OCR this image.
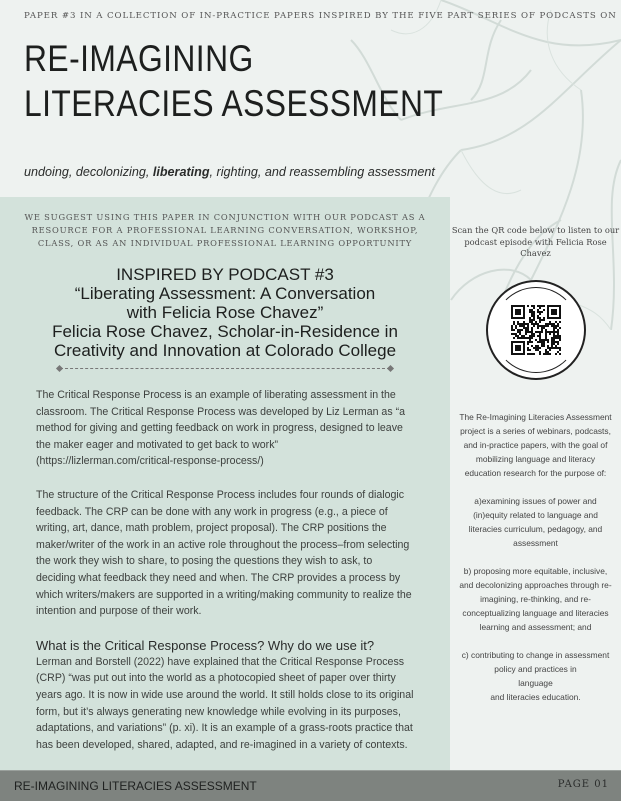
PAPER #3 IN A COLLECTION OF IN-PRACTICE PAPERS INSPIRED BY THE FIVE PART SERIES OF PODCASTS ON
RE-IMAGINING
LITERACIES ASSESSMENT
undoing, decolonizing, liberating, righting, and reassembling assessment
WE SUGGEST USING THIS PAPER IN CONJUNCTION WITH OUR PODCAST AS A RESOURCE FOR A PROFESSIONAL LEARNING CONVERSATION, WORKSHOP, CLASS, OR AS AN INDIVIDUAL PROFESSIONAL LEARNING OPPORTUNITY
INSPIRED BY PODCAST #3
“Liberating Assessment: A Conversation with Felicia Rose Chavez”
Felicia Rose Chavez, Scholar-in-Residence in Creativity and Innovation at Colorado College

The Critical Response Process is an example of liberating assessment in the classroom. The Critical Response Process was developed by Liz Lerman as “a method for giving and getting feedback on work in progress, designed to leave the maker eager and motivated to get back to work” (https://lizlerman.com/critical-response-process/)

The structure of the Critical Response Process includes four rounds of dialogic feedback. The CRP can be done with any work in progress (e.g., a piece of writing, art, dance, math problem, project proposal). The CRP positions the maker/writer of the work in an active role throughout the process–from selecting the work they wish to share, to posing the questions they wish to ask, to deciding what feedback they need and when. The CRP provides a process by which writers/makers are supported in a writing/making community to realize the intention and purpose of their work.

What is the Critical Response Process? Why do we use it?

Lerman and Borstell (2022) have explained that the Critical Response Process (CRP) “was put out into the world as a photocopied sheet of paper over thirty years ago. It is now in wide use around the world. It still holds close to its original form, but it’s always generating new knowledge while evolving in its purposes, adaptations, and variations” (p. xi). It is an example of a grass-roots practice that has been developed, shared, adapted, and re-imagined in a variety of contexts.

Scan the QR code below to listen to our podcast episode with Felicia Rose Chavez

The Re-Imagining Literacies Assessment project is a series of webinars, podcasts, and in-practice papers, with the goal of mobilizing language and literacy education research for the purpose of:

a)examining issues of power and (in)equity related to language and literacies curriculum, pedagogy, and assessment

b) proposing more equitable, inclusive, and decolonizing approaches through re-imagining, re-thinking, and re-conceptualizing language and literacies learning and assessment; and

c) contributing to change in assessment policy and practices in
language
and literacies education.

RE-IMAGINING LITERACIES ASSESSMENT	PAGE 01
